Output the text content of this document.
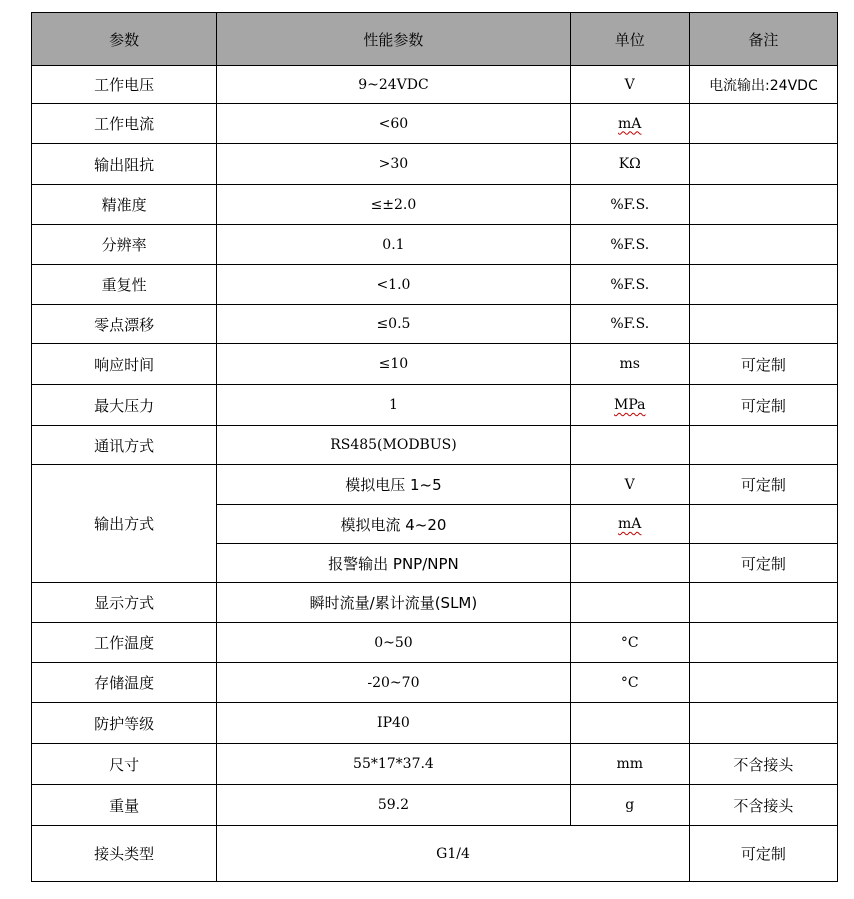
参数	性能参数	单位	备注
工作电压	9~24VDC	V	电流输出:24VDC
工作电流	<60	mA	
输出阻抗	>30	KΩ	
精准度	≤±2.0	%F.S.	
分辨率	0.1	%F.S.	
重复性	<1.0	%F.S.	
零点漂移	≤0.5	%F.S.	
响应时间	≤10	ms	可定制
最大压力	1	MPa	可定制
通讯方式	RS485(MODBUS)		
输出方式	模拟电压 1~5	V	可定制
	模拟电流 4~20	mA	
	报警输出 PNP/NPN		可定制
显示方式	瞬时流量/累计流量(SLM)		
工作温度	0~50	°C	
存储温度	-20~70	°C	
防护等级	IP40		
尺寸	55*17*37.4	mm	不含接头
重量	59.2	g	不含接头
接头类型	G1/4		可定制
